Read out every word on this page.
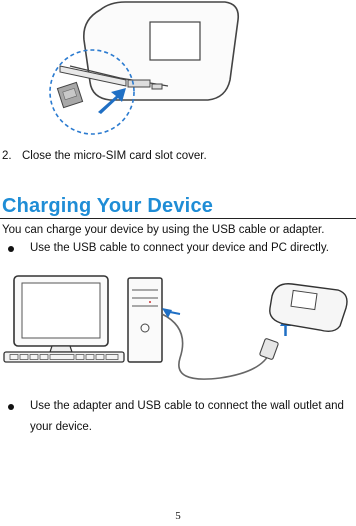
2. Close the micro-SIM card slot cover.
Charging Your Device
You can charge your device by using the USB cable or adapter.
Use the USB cable to connect your device and PC directly.
Use the adapter and USB cable to connect the wall outlet and your device.
5
